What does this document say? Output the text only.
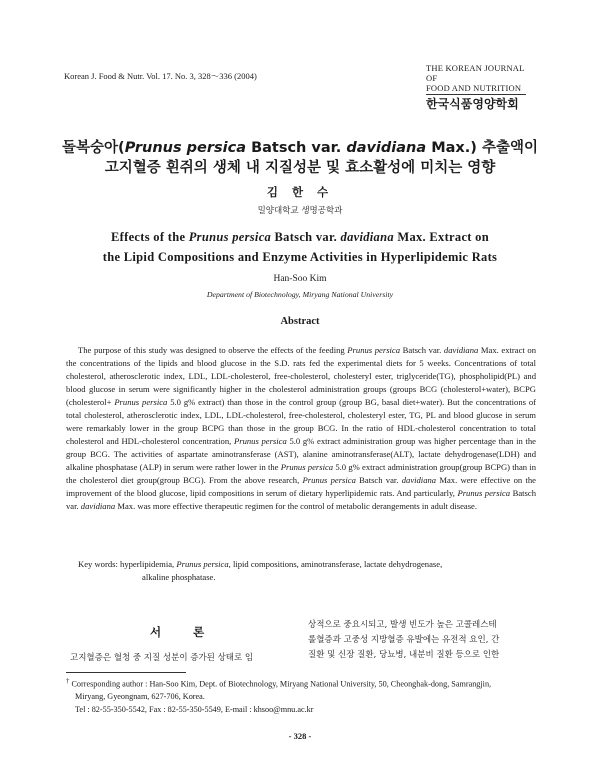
Korean J. Food & Nutr. Vol. 17. No. 3, 328～336 (2004)
THE KOREAN JOURNAL OF
FOOD AND NUTRITION
한국식품영양학회
돌복숭아(Prunus persica Batsch var. davidiana Max.) 추출액이
고지혈증 흰쥐의 생체 내 지질성분 및 효소활성에 미치는 영향
김 한 수
밀양대학교 생명공학과
Effects of the Prunus persica Batsch var. davidiana Max. Extract on
the Lipid Compositions and Enzyme Activities in Hyperlipidemic Rats
Han-Soo Kim
Department of Biotechnology, Miryang National University
Abstract

The purpose of this study was designed to observe the effects of the feeding Prunus persica Batsch var. davidiana Max. extract on the concentrations of the lipids and blood glucose in the S.D. rats fed the experimental diets for 5 weeks. Concentrations of total cholesterol, atherosclerotic index, LDL, LDL-cholesterol, free-cholesterol, cholesteryl ester, triglyceride(TG), phospholipid(PL) and blood glucose in serum were significantly higher in the cholesterol administration groups (groups BCG (cholesterol+water), BCPG (cholesterol+ Prunus persica 5.0 g% extract) than those in the control group (group BG, basal diet+water). But the concentrations of total cholesterol, atherosclerotic index, LDL, LDL-cholesterol, free-cholesterol, cholesteryl ester, TG, PL and blood glucose in serum were remarkably lower in the group BCPG than those in the group BCG. In the ratio of HDL-cholesterol concentration to total cholesterol and HDL-cholesterol concentration, Prunus persica 5.0 g% extract administration group was higher percentage than in the group BCG. The activities of aspartate aminotransferase (AST), alanine aminotransferase(ALT), lactate dehydrogenase(LDH) and alkaline phosphatase (ALP) in serum were rather lower in the Prunus persica 5.0 g% extract administration group(group BCPG) than in the cholesterol diet group(group BCG). From the above research, Prunus persica Batsch var. davidiana Max. were effective on the improvement of the blood glucose, lipid compositions in serum of dietary hyperlipidemic rats. And particularly, Prunus persica Batsch var. davidiana Max. was more effective therapeutic regimen for the control of metabolic derangements in adult disease.

Key words: hyperlipidemia, Prunus persica, lipid compositions, aminotransferase, lactate dehydrogenase,
alkaline phosphatase.
서 론
고지혈증은 혈청 중 지질 성분이 증가된 상태로 임
상적으로 중요시되고, 발생 빈도가 높은 고콜레스테
롤혈증과 고중성 지방혈증 유발에는 유전적 요인, 간
질환 및 신장 질환, 당뇨병, 내분비 질환 등으로 인한
† Corresponding author : Han-Soo Kim, Dept. of Biotechnology, Miryang National University, 50, Cheonghak-dong, Samrangjin,
Miryang, Gyeongnam, 627-706, Korea.
Tel : 82-55-350-5542, Fax : 82-55-350-5549, E-mail : khsoo@mnu.ac.kr
- 328 -
